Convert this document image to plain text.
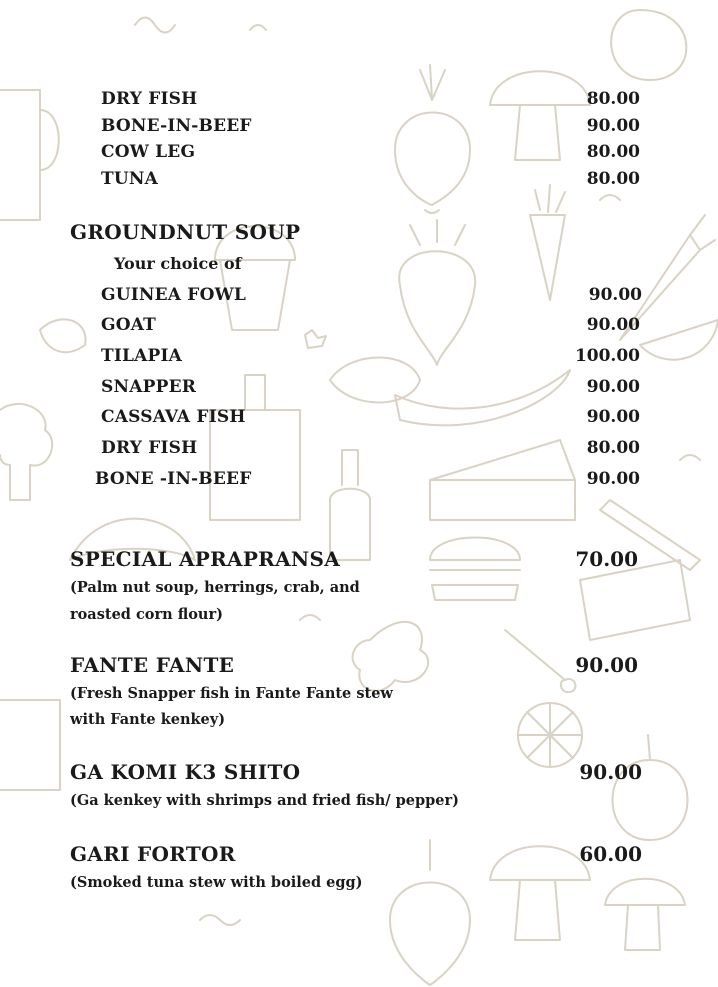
DRY FISH	80.00
BONE-IN-BEEF	90.00
COW LEG	80.00
TUNA	80.00
GROUNDNUT SOUP
Your choice of
GUINEA FOWL	90.00
GOAT	90.00
TILAPIA	100.00
SNAPPER	90.00
CASSAVA FISH	90.00
DRY FISH	80.00
BONE -IN-BEEF	90.00
SPECIAL APRAPRANSA	70.00
(Palm nut soup, herrings, crab, and
roasted corn flour)
FANTE FANTE	90.00
(Fresh Snapper fish in Fante Fante stew
with Fante kenkey)
GA KOMI K3 SHITO	90.00
(Ga kenkey with shrimps and fried fish/ pepper)
GARI FORTOR	60.00
(Smoked tuna stew with boiled egg)
